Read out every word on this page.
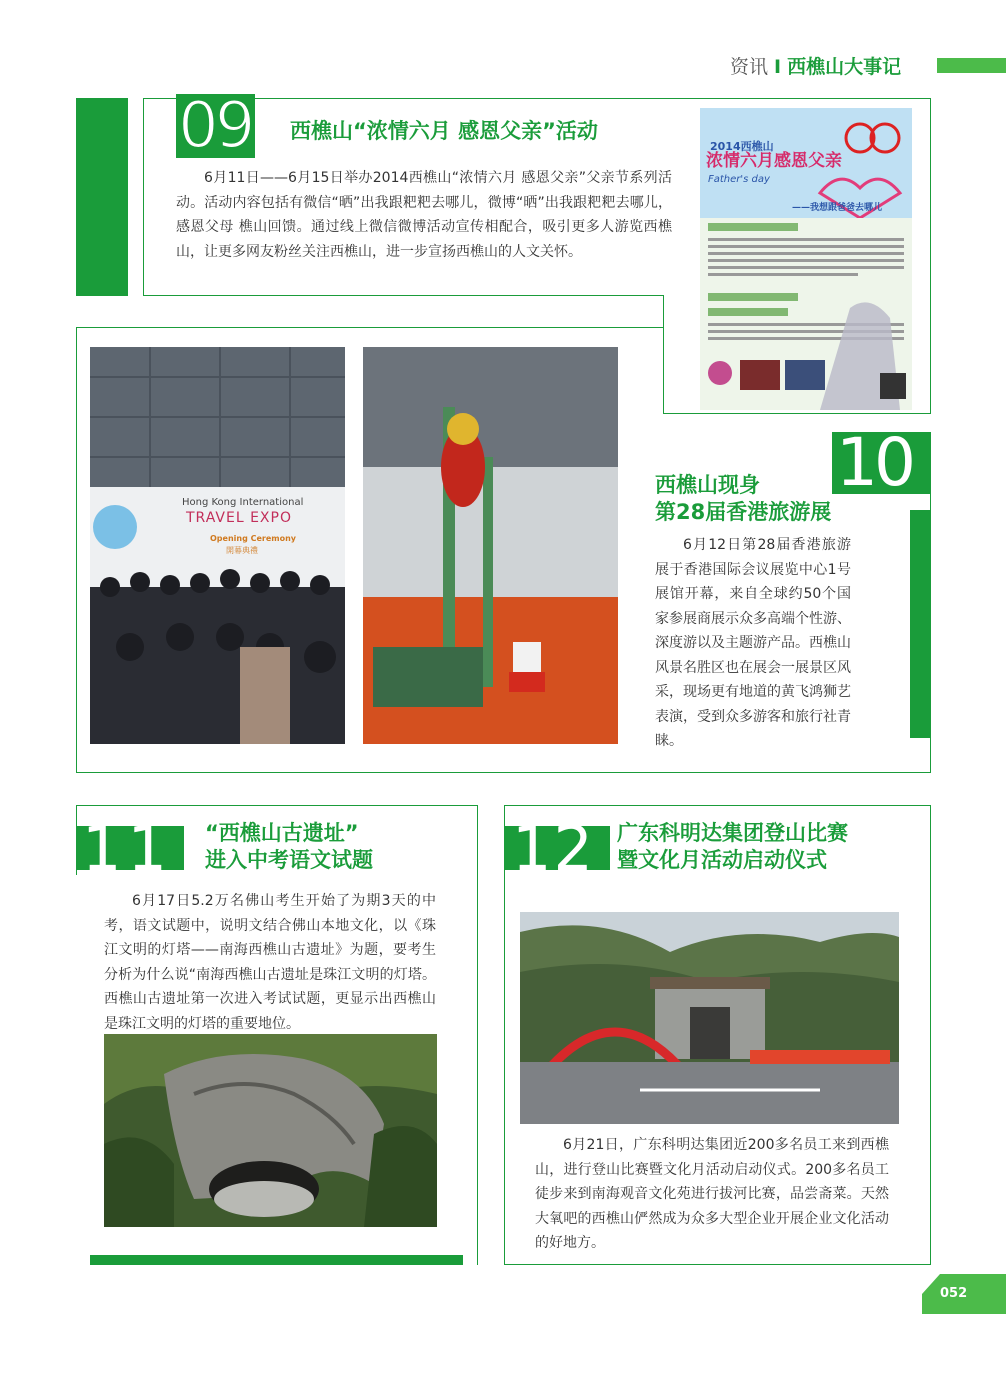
资讯 I 西樵山大事记
09 西樵山“浓情六月 感恩父亲”活动
6月11日——6月15日举办2014西樵山“浓情六月 感恩父亲”父亲节系列活动。活动内容包括有微信“晒”出我跟粑粑去哪儿，微博“晒”出我跟粑粑去哪儿，感恩父母 樵山回馈。通过线上微信微博活动宣传相配合，吸引更多人游览西樵山，让更多网友粉丝关注西樵山，进一步宣扬西樵山的人文关怀。
2014西樵山
浓情六月感恩父亲
Father's day
——我想跟爸爸去哪儿
Hong Kong International
TRAVEL EXPO
Opening Ceremony
開幕典禮
10
西樵山现身
第28届香港旅游展
6月12日第28届香港旅游展于香港国际会议展览中心1号展馆开幕，来自全球约50个国家参展商展示众多高端个性游、深度游以及主题游产品。西樵山风景名胜区也在展会一展景区风采，现场更有地道的黄飞鸿狮艺表演，受到众多游客和旅行社青睐。
11 “西樵山古遗址”
进入中考语文试题
6月17日5.2万名佛山考生开始了为期3天的中考，语文试题中，说明文结合佛山本地文化，以《珠江文明的灯塔——南海西樵山古遗址》为题，要考生分析为什么说“南海西樵山古遗址是珠江文明的灯塔。 西樵山古遗址第一次进入考试试题，更显示出西樵山是珠江文明的灯塔的重要地位。
12 广东科明达集团登山比赛
暨文化月活动启动仪式
6月21日，广东科明达集团近200多名员工来到西樵山，进行登山比赛暨文化月活动启动仪式。200多名员工徒步来到南海观音文化苑进行拔河比赛，品尝斋菜。天然大氧吧的西樵山俨然成为众多大型企业开展企业文化活动的好地方。
052
